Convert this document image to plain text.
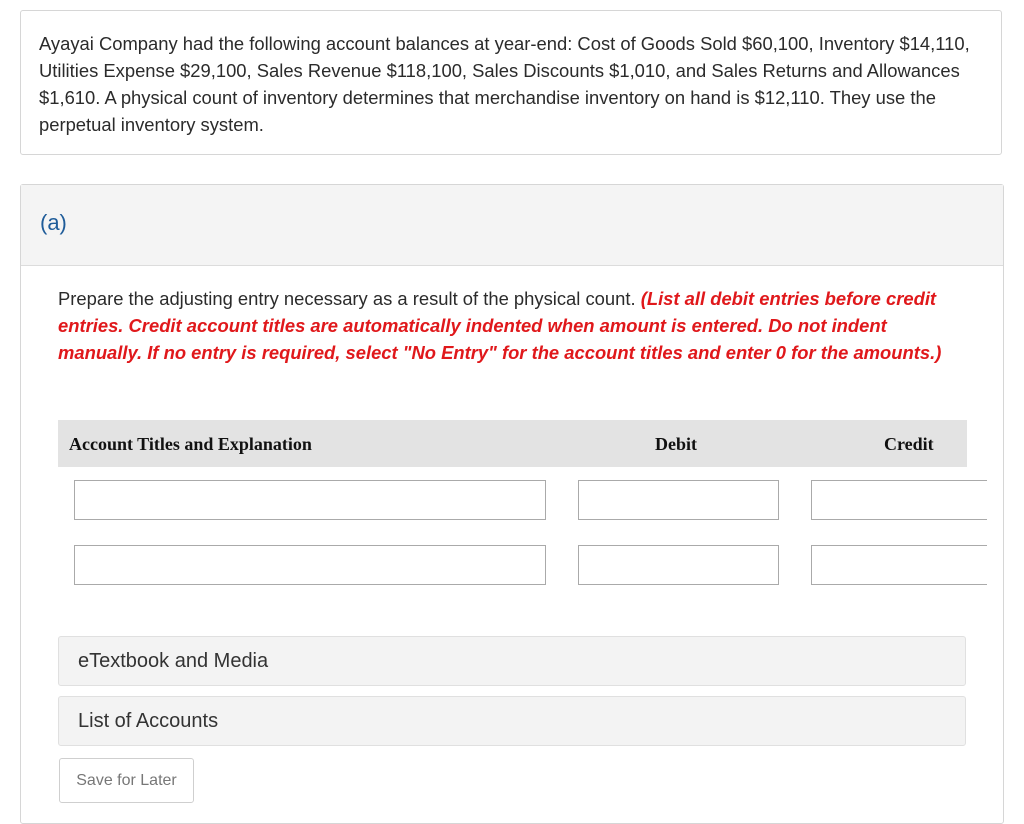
Ayayai Company had the following account balances at year-end: Cost of Goods Sold $60,100, Inventory $14,110, Utilities Expense $29,100, Sales Revenue $118,100, Sales Discounts $1,010, and Sales Returns and Allowances $1,610. A physical count of inventory determines that merchandise inventory on hand is $12,110. They use the perpetual inventory system.

(a)

Prepare the adjusting entry necessary as a result of the physical count. (List all debit entries before credit entries. Credit account titles are automatically indented when amount is entered. Do not indent manually. If no entry is required, select "No Entry" for the account titles and enter 0 for the amounts.)

Account Titles and Explanation	Debit	Credit
eTextbook and Media
List of Accounts
Save for Later
